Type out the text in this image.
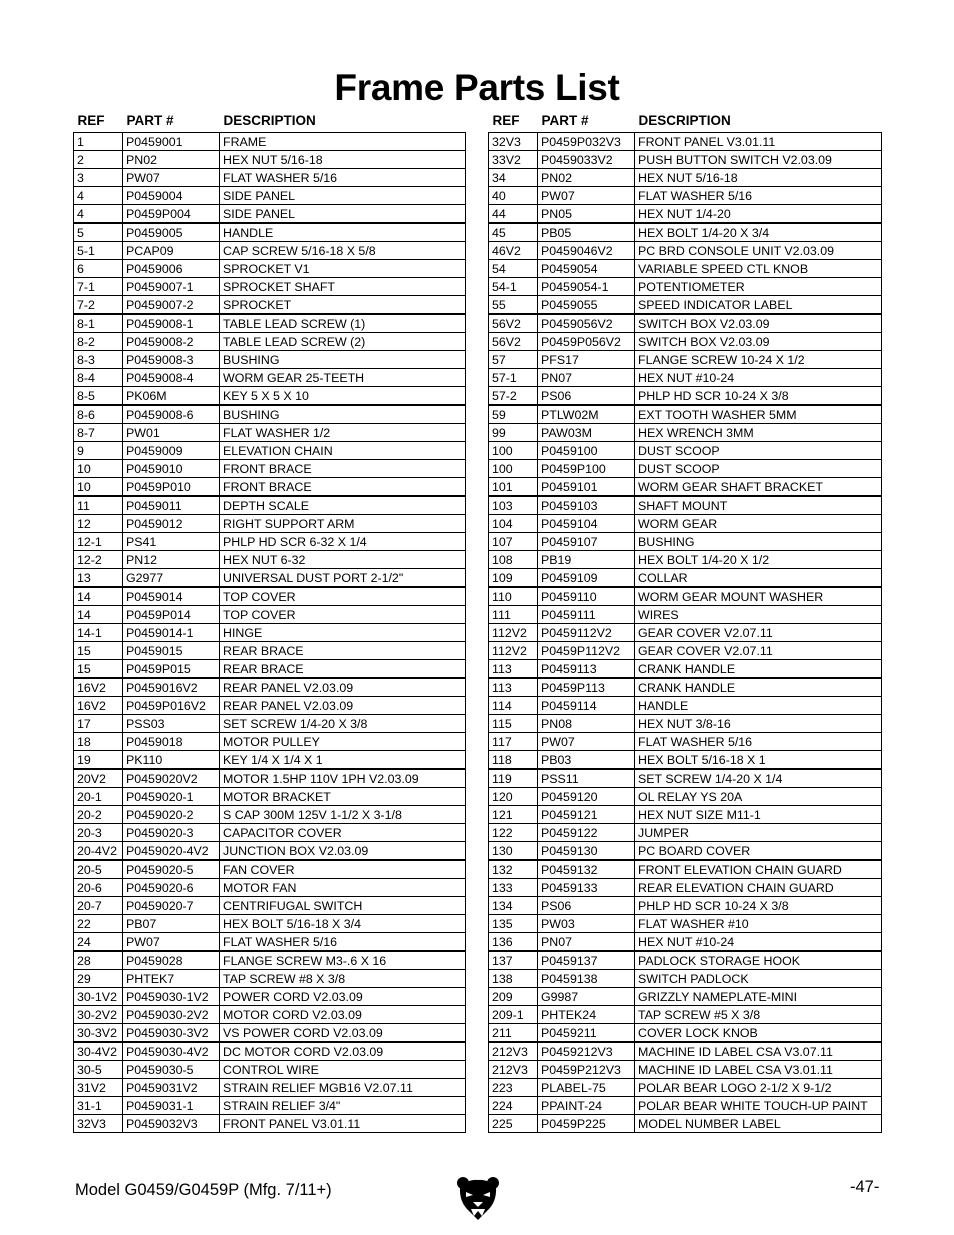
Frame Parts List
REF	PART #	DESCRIPTION
1	P0459001	FRAME
2	PN02	HEX NUT 5/16-18
3	PW07	FLAT WASHER 5/16
4	P0459004	SIDE PANEL
4	P0459P004	SIDE PANEL
5	P0459005	HANDLE
5-1	PCAP09	CAP SCREW 5/16-18 X 5/8
6	P0459006	SPROCKET V1
7-1	P0459007-1	SPROCKET SHAFT
7-2	P0459007-2	SPROCKET
8-1	P0459008-1	TABLE LEAD SCREW (1)
8-2	P0459008-2	TABLE LEAD SCREW (2)
8-3	P0459008-3	BUSHING
8-4	P0459008-4	WORM GEAR 25-TEETH
8-5	PK06M	KEY 5 X 5 X 10
8-6	P0459008-6	BUSHING
8-7	PW01	FLAT WASHER 1/2
9	P0459009	ELEVATION CHAIN
10	P0459010	FRONT BRACE
10	P0459P010	FRONT BRACE
11	P0459011	DEPTH SCALE
12	P0459012	RIGHT SUPPORT ARM
12-1	PS41	PHLP HD SCR 6-32 X 1/4
12-2	PN12	HEX NUT 6-32
13	G2977	UNIVERSAL DUST PORT 2-1/2"
14	P0459014	TOP COVER
14	P0459P014	TOP COVER
14-1	P0459014-1	HINGE
15	P0459015	REAR BRACE
15	P0459P015	REAR BRACE
16V2	P0459016V2	REAR PANEL V2.03.09
16V2	P0459P016V2	REAR PANEL V2.03.09
17	PSS03	SET SCREW 1/4-20 X 3/8
18	P0459018	MOTOR PULLEY
19	PK110	KEY 1/4 X 1/4 X 1
20V2	P0459020V2	MOTOR 1.5HP 110V 1PH V2.03.09
20-1	P0459020-1	MOTOR BRACKET
20-2	P0459020-2	S CAP 300M 125V 1-1/2 X 3-1/8
20-3	P0459020-3	CAPACITOR COVER
20-4V2	P0459020-4V2	JUNCTION BOX V2.03.09
20-5	P0459020-5	FAN COVER
20-6	P0459020-6	MOTOR FAN
20-7	P0459020-7	CENTRIFUGAL SWITCH
22	PB07	HEX BOLT 5/16-18 X 3/4
24	PW07	FLAT WASHER 5/16
28	P0459028	FLANGE SCREW M3-.6 X 16
29	PHTEK7	TAP SCREW #8 X 3/8
30-1V2	P0459030-1V2	POWER CORD V2.03.09
30-2V2	P0459030-2V2	MOTOR CORD V2.03.09
30-3V2	P0459030-3V2	VS POWER CORD V2.03.09
30-4V2	P0459030-4V2	DC MOTOR CORD V2.03.09
30-5	P0459030-5	CONTROL WIRE
31V2	P0459031V2	STRAIN RELIEF MGB16 V2.07.11
31-1	P0459031-1	STRAIN RELIEF 3/4"
32V3	P0459032V3	FRONT PANEL V3.01.11
REF	PART #	DESCRIPTION
32V3	P0459P032V3	FRONT PANEL V3.01.11
33V2	P0459033V2	PUSH BUTTON SWITCH V2.03.09
34	PN02	HEX NUT 5/16-18
40	PW07	FLAT WASHER 5/16
44	PN05	HEX NUT 1/4-20
45	PB05	HEX BOLT 1/4-20 X 3/4
46V2	P0459046V2	PC BRD CONSOLE UNIT V2.03.09
54	P0459054	VARIABLE SPEED CTL KNOB
54-1	P0459054-1	POTENTIOMETER
55	P0459055	SPEED INDICATOR LABEL
56V2	P0459056V2	SWITCH BOX V2.03.09
56V2	P0459P056V2	SWITCH BOX V2.03.09
57	PFS17	FLANGE SCREW 10-24 X 1/2
57-1	PN07	HEX NUT #10-24
57-2	PS06	PHLP HD SCR 10-24 X 3/8
59	PTLW02M	EXT TOOTH WASHER 5MM
99	PAW03M	HEX WRENCH 3MM
100	P0459100	DUST SCOOP
100	P0459P100	DUST SCOOP
101	P0459101	WORM GEAR SHAFT BRACKET
103	P0459103	SHAFT MOUNT
104	P0459104	WORM GEAR
107	P0459107	BUSHING
108	PB19	HEX BOLT 1/4-20 X 1/2
109	P0459109	COLLAR
110	P0459110	WORM GEAR MOUNT WASHER
111	P0459111	WIRES
112V2	P0459112V2	GEAR COVER V2.07.11
112V2	P0459P112V2	GEAR COVER V2.07.11
113	P0459113	CRANK HANDLE
113	P0459P113	CRANK HANDLE
114	P0459114	HANDLE
115	PN08	HEX NUT 3/8-16
117	PW07	FLAT WASHER 5/16
118	PB03	HEX BOLT 5/16-18 X 1
119	PSS11	SET SCREW 1/4-20 X 1/4
120	P0459120	OL RELAY YS 20A
121	P0459121	HEX NUT SIZE M11-1
122	P0459122	JUMPER
130	P0459130	PC BOARD COVER
132	P0459132	FRONT ELEVATION CHAIN GUARD
133	P0459133	REAR ELEVATION CHAIN GUARD
134	PS06	PHLP HD SCR 10-24 X 3/8
135	PW03	FLAT WASHER #10
136	PN07	HEX NUT #10-24
137	P0459137	PADLOCK STORAGE HOOK
138	P0459138	SWITCH PADLOCK
209	G9987	GRIZZLY NAMEPLATE-MINI
209-1	PHTEK24	TAP SCREW #5 X 3/8
211	P0459211	COVER LOCK KNOB
212V3	P0459212V3	MACHINE ID LABEL CSA V3.07.11
212V3	P0459P212V3	MACHINE ID LABEL CSA V3.01.11
223	PLABEL-75	POLAR BEAR LOGO 2-1/2 X 9-1/2
224	PPAINT-24	POLAR BEAR WHITE TOUCH-UP PAINT
225	P0459P225	MODEL NUMBER LABEL
Model G0459/G0459P (Mfg. 7/11+)	-47-
